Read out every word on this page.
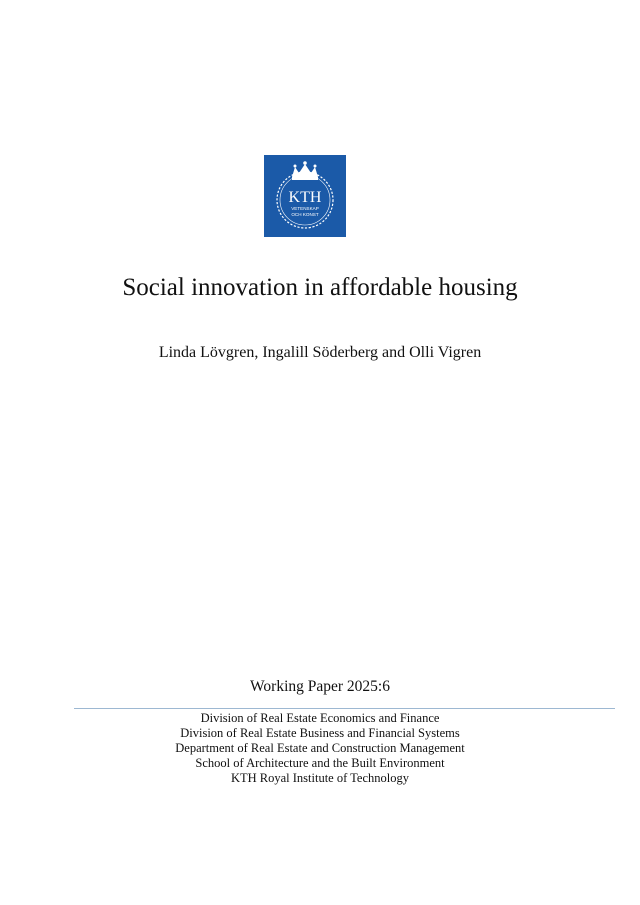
KTH
VETENSKAP
OCH KONST
Social innovation in affordable housing
Linda Lövgren, Ingalill Söderberg and Olli Vigren
Working Paper 2025:6
Division of Real Estate Economics and Finance
Division of Real Estate Business and Financial Systems
Department of Real Estate and Construction Management
School of Architecture and the Built Environment
KTH Royal Institute of Technology
